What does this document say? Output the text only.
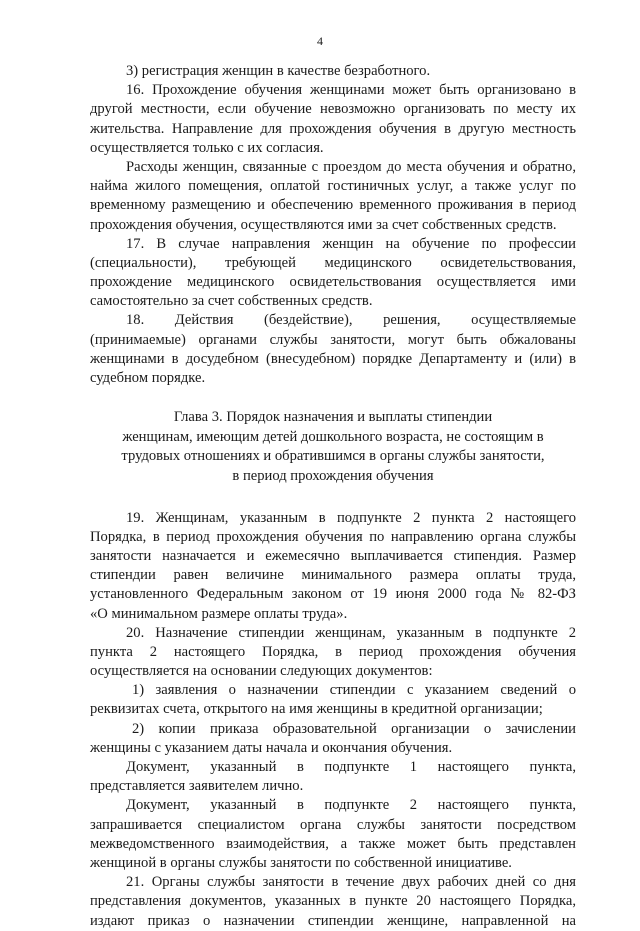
4
3) регистрация женщин в качестве безработного.
16. Прохождение обучения женщинами может быть организовано в
другой местности, если обучение невозможно организовать по месту их
жительства. Направление для прохождения обучения в другую местность
осуществляется только с их согласия.
Расходы женщин, связанные с проездом до места обучения и обратно,
найма жилого помещения, оплатой гостиничных услуг, а также услуг по
временному размещению и обеспечению временного проживания в период
прохождения обучения, осуществляются ими за счет собственных средств.
17. В случае направления женщин на обучение по профессии
(специальности), требующей медицинского освидетельствования,
прохождение медицинского освидетельствования осуществляется ими
самостоятельно за счет собственных средств.
18. Действия (бездействие), решения, осуществляемые
(принимаемые) органами службы занятости, могут быть обжалованы
женщинами в досудебном (внесудебном) порядке Департаменту и (или) в
судебном порядке.
Глава 3. Порядок назначения и выплаты стипендии
женщинам, имеющим детей дошкольного возраста, не состоящим в
трудовых отношениях и обратившимся в органы службы занятости,
в период прохождения обучения
19. Женщинам, указанным в подпункте 2 пункта 2 настоящего
Порядка, в период прохождения обучения по направлению органа службы
занятости назначается и ежемесячно выплачивается стипендия. Размер
стипендии равен величине минимального размера оплаты труда,
установленного Федеральным законом от 19 июня 2000 года № 82-ФЗ
«О минимальном размере оплаты труда».
20. Назначение стипендии женщинам, указанным в подпункте 2
пункта 2 настоящего Порядка, в период прохождения обучения
осуществляется на основании следующих документов:
1) заявления о назначении стипендии с указанием сведений о
реквизитах счета, открытого на имя женщины в кредитной организации;
2) копии приказа образовательной организации о зачислении
женщины с указанием даты начала и окончания обучения.
Документ, указанный в подпункте 1 настоящего пункта,
представляется заявителем лично.
Документ, указанный в подпункте 2 настоящего пункта,
запрашивается специалистом органа службы занятости посредством
межведомственного взаимодействия, а также может быть представлен
женщиной в органы службы занятости по собственной инициативе.
21. Органы службы занятости в течение двух рабочих дней со дня
представления документов, указанных в пункте 20 настоящего Порядка,
издают приказ о назначении стипендии женщине, направленной на
